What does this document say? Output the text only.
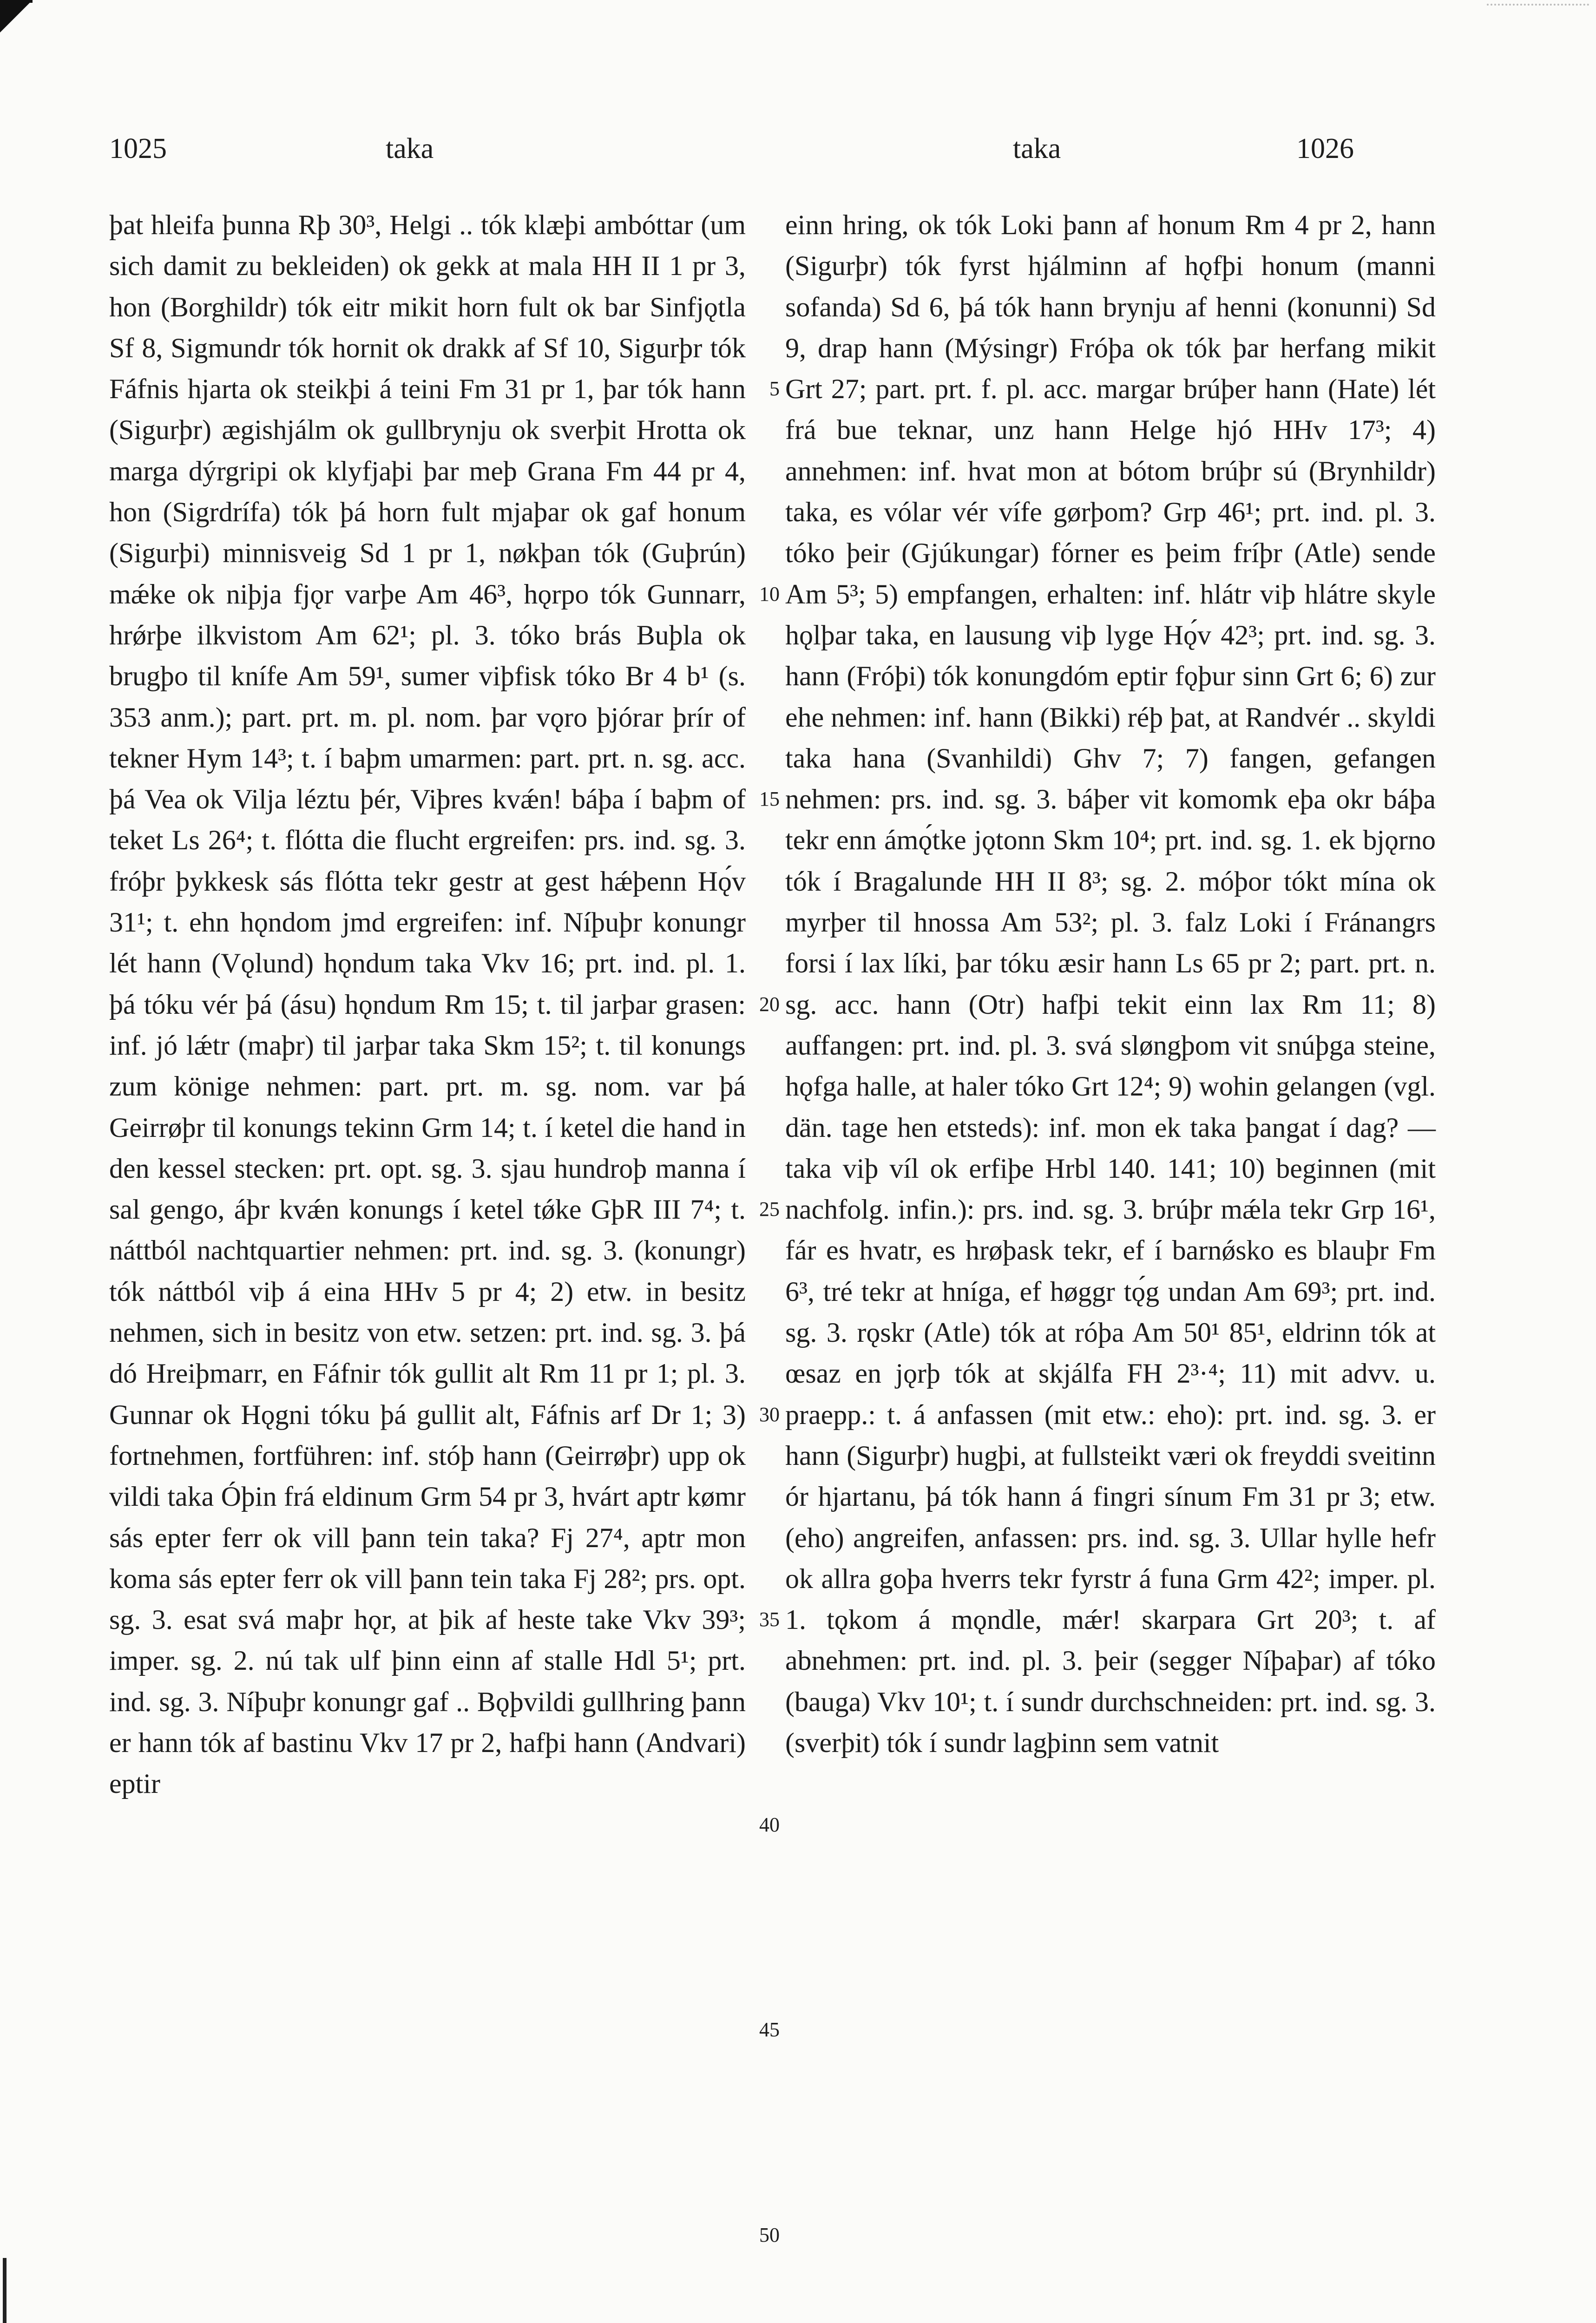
1025	taka	taka	1026

þat hleifa þunna Rþ 30³, Helgi .. tók klæþi ambóttar (um sich damit zu bekleiden) ok gekk at mala HH II 1 pr 3, hon (Borghildr) tók eitr mikit horn fult ok bar Sinfjǫtla Sf 8, Sigmundr tók hornit ok drakk af Sf 10, Sigurþr tók Fáfnis hjarta ok steikþi á teini Fm 31 pr 1, þar tók hann (Sigurþr) ægishjálm ok gullbrynju ok sverþit Hrotta ok marga dýrgripi ok klyfjaþi þar meþ Grana Fm 44 pr 4, hon (Sigrdrífa) tók þá horn fult mjaþar ok gaf honum (Sigurþi) minnisveig Sd 1 pr 1, nøkþan tók (Guþrún) mǽke ok niþja fjǫr varþe Am 46³, hǫrpo tók Gunnarr, hrǿrþe ilkvistom Am 62¹; pl. 3. tóko brás Buþla ok brugþo til knífe Am 59¹, sumer viþfisk tóko Br 4 b¹ (s. 353 anm.); part. prt. m. pl. nom. þar vǫro þjórar þrír of tekner Hym 14³; t. í baþm umarmen: part. prt. n. sg. acc. þá Vea ok Vilja léztu þér, Viþres kvǽn! báþa í baþm of teket Ls 26⁴; t. flótta die flucht ergreifen: prs. ind. sg. 3. fróþr þykkesk sás flótta tekr gestr at gest hǽþenn Hǫ́v 31¹; t. ehn hǫndom jmd ergreifen: inf. Níþuþr konungr lét hann (Vǫlund) hǫndum taka Vkv 16; prt. ind. pl. 1. þá tóku vér þá (ásu) hǫndum Rm 15; t. til jarþar grasen: inf. jó lǽtr (maþr) til jarþar taka Skm 15²; t. til konungs zum könige nehmen: part. prt. m. sg. nom. var þá Geirrøþr til konungs tekinn Grm 14; t. í ketel die hand in den kessel stecken: prt. opt. sg. 3. sjau hundroþ manna í sal gengo, áþr kvǽn konungs í ketel tǿke GþR III 7⁴; t. náttból nachtquartier nehmen: prt. ind. sg. 3. (konungr) tók náttból viþ á eina HHv 5 pr 4; 2) etw. in besitz nehmen, sich in besitz von etw. setzen: prt. ind. sg. 3. þá dó Hreiþmarr, en Fáfnir tók gullit alt Rm 11 pr 1; pl. 3. Gunnar ok Hǫgni tóku þá gullit alt, Fáfnis arf Dr 1; 3) fortnehmen, fortführen: inf. stóþ hann (Geirrøþr) upp ok vildi taka Óþin frá eldinum Grm 54 pr 3, hvárt aptr kømr sás epter ferr ok vill þann tein taka? Fj 27⁴, aptr mon koma sás epter ferr ok vill þann tein taka Fj 28²; prs. opt. sg. 3. esat svá maþr hǫr, at þik af heste take Vkv 39³; imper. sg. 2. nú tak ulf þinn einn af stalle Hdl 5¹; prt. ind. sg. 3. Níþuþr konungr gaf .. Bǫþvildi gullhring þann er hann tók af bastinu Vkv 17 pr 2, hafþi hann (Andvari) eptir

5
10
15
20
25
30
35
40
45
50

einn hring, ok tók Loki þann af honum Rm 4 pr 2, hann (Sigurþr) tók fyrst hjálminn af hǫfþi honum (manni sofanda) Sd 6, þá tók hann brynju af henni (konunni) Sd 9, drap hann (Mýsingr) Fróþa ok tók þar herfang mikit Grt 27; part. prt. f. pl. acc. margar brúþer hann (Hate) lét frá bue teknar, unz hann Helge hjó HHv 17³; 4) annehmen: inf. hvat mon at bótom brúþr sú (Brynhildr) taka, es vólar vér vífe gørþom? Grp 46¹; prt. ind. pl. 3. tóko þeir (Gjúkungar) fórner es þeim fríþr (Atle) sende Am 5³; 5) empfangen, erhalten: inf. hlátr viþ hlátre skyle hǫlþar taka, en lausung viþ lyge Hǫ́v 42³; prt. ind. sg. 3. hann (Fróþi) tók konungdóm eptir fǫþur sinn Grt 6; 6) zur ehe nehmen: inf. hann (Bikki) réþ þat, at Randvér .. skyldi taka hana (Svanhildi) Ghv 7; 7) fangen, gefangen nehmen: prs. ind. sg. 3. báþer vit komomk eþa okr báþa tekr enn ámǫ́tke jǫtonn Skm 10⁴; prt. ind. sg. 1. ek bjǫrno tók í Bragalunde HH II 8³; sg. 2. móþor tókt mína ok myrþer til hnossa Am 53²; pl. 3. falz Loki í Fránangrs forsi í lax líki, þar tóku æsir hann Ls 65 pr 2; part. prt. n. sg. acc. hann (Otr) hafþi tekit einn lax Rm 11; 8) auffangen: prt. ind. pl. 3. svá sløngþom vit snúþga steine, hǫfga halle, at haler tóko Grt 12⁴; 9) wohin gelangen (vgl. dän. tage hen etsteds): inf. mon ek taka þangat í dag? — taka viþ víl ok erfiþe Hrbl 140. 141; 10) beginnen (mit nachfolg. infin.): prs. ind. sg. 3. brúþr mǽla tekr Grp 16¹, fár es hvatr, es hrøþask tekr, ef í barnǿsko es blauþr Fm 6³, tré tekr at hníga, ef høggr tǫ́g undan Am 69³; prt. ind. sg. 3. rǫskr (Atle) tók at róþa Am 50¹ 85¹, eldrinn tók at œsaz en jǫrþ tók at skjálfa FH 2³·⁴; 11) mit advv. u. praepp.: t. á anfassen (mit etw.: eho): prt. ind. sg. 3. er hann (Sigurþr) hugþi, at fullsteikt væri ok freyddi sveitinn ór hjartanu, þá tók hann á fingri sínum Fm 31 pr 3; etw. (eho) angreifen, anfassen: prs. ind. sg. 3. Ullar hylle hefr ok allra goþa hverrs tekr fyrstr á funa Grm 42²; imper. pl. 1. tǫkom á mǫndle, mǽr! skarpara Grt 20³; t. af abnehmen: prt. ind. pl. 3. þeir (segger Níþaþar) af tóko (bauga) Vkv 10¹; t. í sundr durchschneiden: prt. ind. sg. 3. (sverþit) tók í sundr lagþinn sem vatnit
